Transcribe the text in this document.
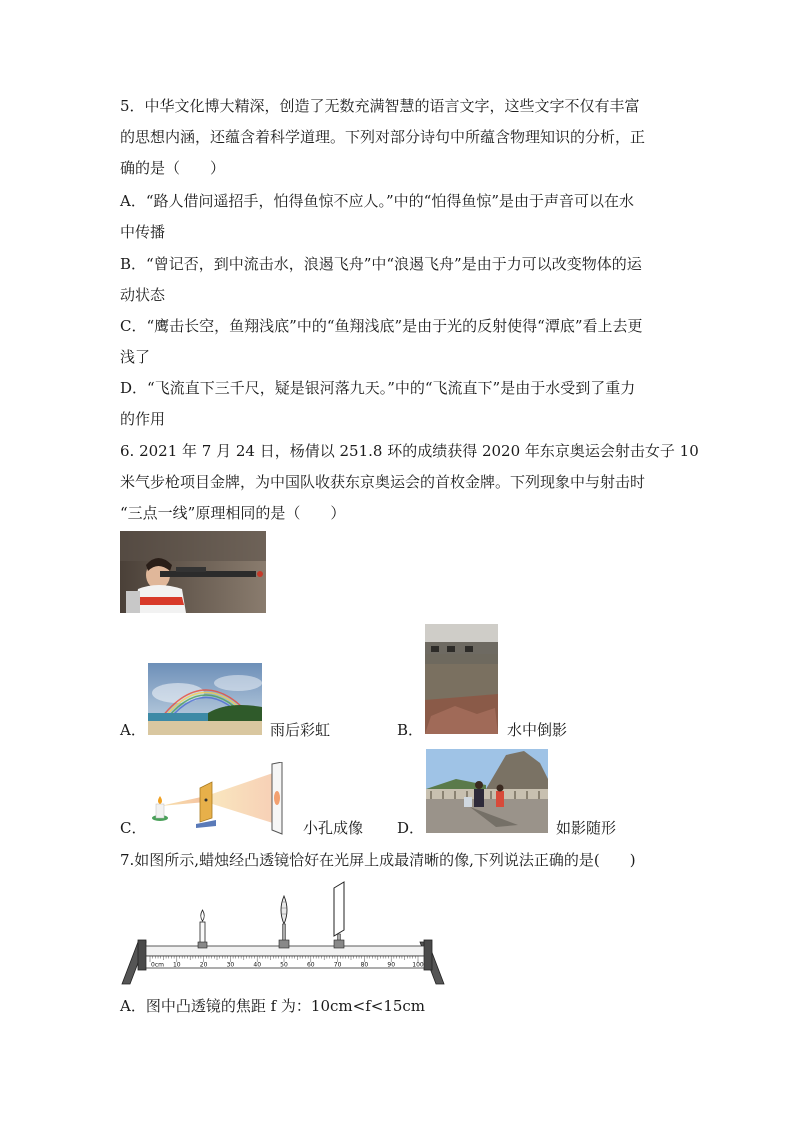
5．中华文化博大精深，创造了无数充满智慧的语言文字，这些文字不仅有丰富
的思想内涵，还蕴含着科学道理。下列对部分诗句中所蕴含物理知识的分析，正
确的是（　　）
A．“路人借问遥招手，怕得鱼惊不应人。”中的“怕得鱼惊”是由于声音可以在水
中传播
B．“曾记否，到中流击水，浪遏飞舟”中“浪遏飞舟”是由于力可以改变物体的运
动状态
C．“鹰击长空，鱼翔浅底”中的“鱼翔浅底”是由于光的反射使得“潭底”看上去更
浅了
D．“飞流直下三千尺，疑是银河落九天。”中的“飞流直下”是由于水受到了重力
的作用
6. 2021 年 7 月 24 日，杨倩以 251.8 环的成绩获得 2020 年东京奥运会射击女子 10
米气步枪项目金牌，为中国队收获东京奥运会的首枚金牌。下列现象中与射击时
“三点一线”原理相同的是（　　）
A．	雨后彩虹	B．	水中倒影
C．	小孔成像 D．	如影随形
7.如图所示,蜡烛经凸透镜恰好在光屏上成最清晰的像,下列说法正确的是(　　)
0cm 10	20	30	40	50	60	70	80	90	100
A．图中凸透镜的焦距 f 为：10cm<f<15cm
